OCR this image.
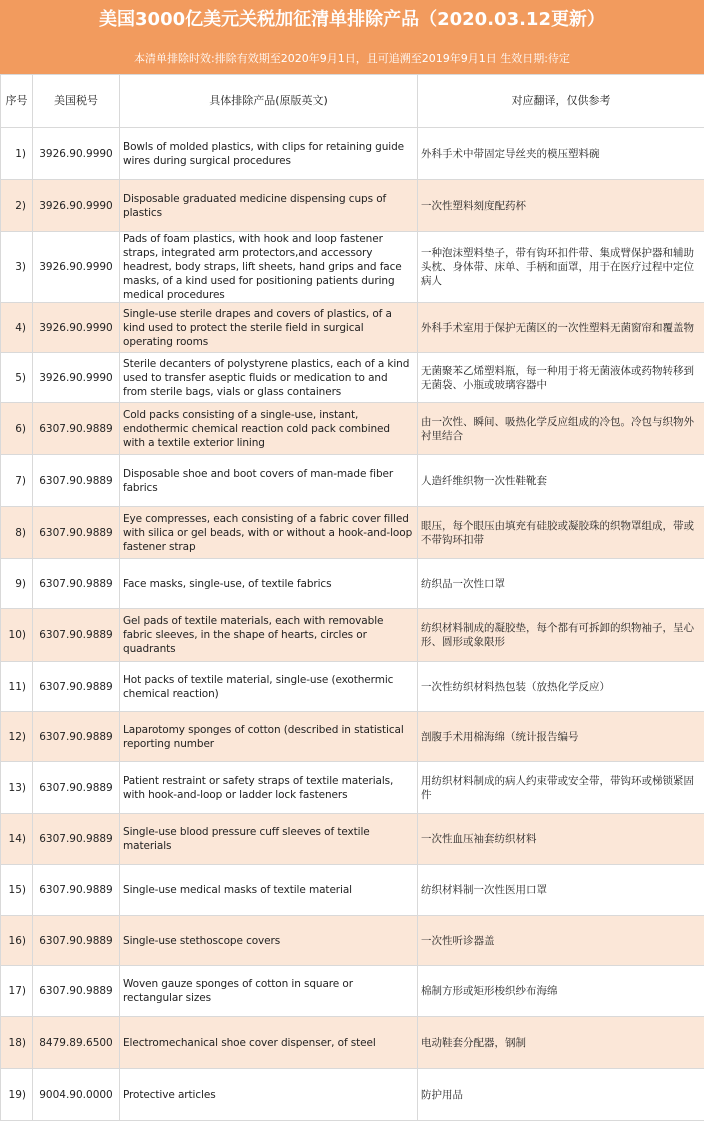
美国3000亿美元关税加征清单排除产品（2020.03.12更新）
本清单排除时效:排除有效期至2020年9月1日，且可追溯至2019年9月1日 生效日期:待定
序号	美国税号	具体排除产品(原版英文)	对应翻译，仅供参考
1)	3926.90.9990	Bowls of molded plastics, with clips for retaining guide wires during surgical procedures	外科手术中带固定导丝夹的模压塑料碗
2)	3926.90.9990	Disposable graduated medicine dispensing cups of plastics	一次性塑料刻度配药杯
3)	3926.90.9990	Pads of foam plastics, with hook and loop fastener straps, integrated arm protectors,and accessory headrest, body straps, lift sheets, hand grips and face masks, of a kind used for positioning patients during medical procedures	一种泡沫塑料垫子，带有钩环扣件带、集成臂保护器和辅助头枕、身体带、床单、手柄和面罩，用于在医疗过程中定位病人
4)	3926.90.9990	Single-use sterile drapes and covers of plastics, of a kind used to protect the sterile field in surgical operating rooms	外科手术室用于保护无菌区的一次性塑料无菌窗帘和覆盖物
5)	3926.90.9990	Sterile decanters of polystyrene plastics, each of a kind used to transfer aseptic fluids or medication to and from sterile bags, vials or glass containers	无菌聚苯乙烯塑料瓶，每一种用于将无菌液体或药物转移到无菌袋、小瓶或玻璃容器中
6)	6307.90.9889	Cold packs consisting of a single-use, instant, endothermic chemical reaction cold pack combined with a textile exterior lining	由一次性、瞬间、吸热化学反应组成的冷包。冷包与织物外衬里结合
7)	6307.90.9889	Disposable shoe and boot covers of man-made fiber fabrics	人造纤维织物一次性鞋靴套
8)	6307.90.9889	Eye compresses, each consisting of a fabric cover filled with silica or gel beads, with or without a hook-and-loop fastener strap	眼压，每个眼压由填充有硅胶或凝胶珠的织物罩组成，带或不带钩环扣带
9)	6307.90.9889	Face masks, single-use, of textile fabrics	纺织品一次性口罩
10)	6307.90.9889	Gel pads of textile materials, each with removable fabric sleeves, in the shape of hearts, circles or quadrants	纺织材料制成的凝胶垫，每个都有可拆卸的织物袖子，呈心形、圆形或象限形
11)	6307.90.9889	Hot packs of textile material, single-use (exothermic chemical reaction)	一次性纺织材料热包装（放热化学反应）
12)	6307.90.9889	Laparotomy sponges of cotton (described in statistical reporting number	剖腹手术用棉海绵（统计报告编号
13)	6307.90.9889	Patient restraint or safety straps of textile materials, with hook-and-loop or ladder lock fasteners	用纺织材料制成的病人约束带或安全带，带钩环或梯锁紧固件
14)	6307.90.9889	Single-use blood pressure cuff sleeves of textile materials	一次性血压袖套纺织材料
15)	6307.90.9889	Single-use medical masks of textile material	纺织材料制一次性医用口罩
16)	6307.90.9889	Single-use stethoscope covers	一次性听诊器盖
17)	6307.90.9889	Woven gauze sponges of cotton in square or rectangular sizes	棉制方形或矩形梭织纱布海绵
18)	8479.89.6500	Electromechanical shoe cover dispenser, of steel	电动鞋套分配器，钢制
19)	9004.90.0000	Protective articles	防护用品
